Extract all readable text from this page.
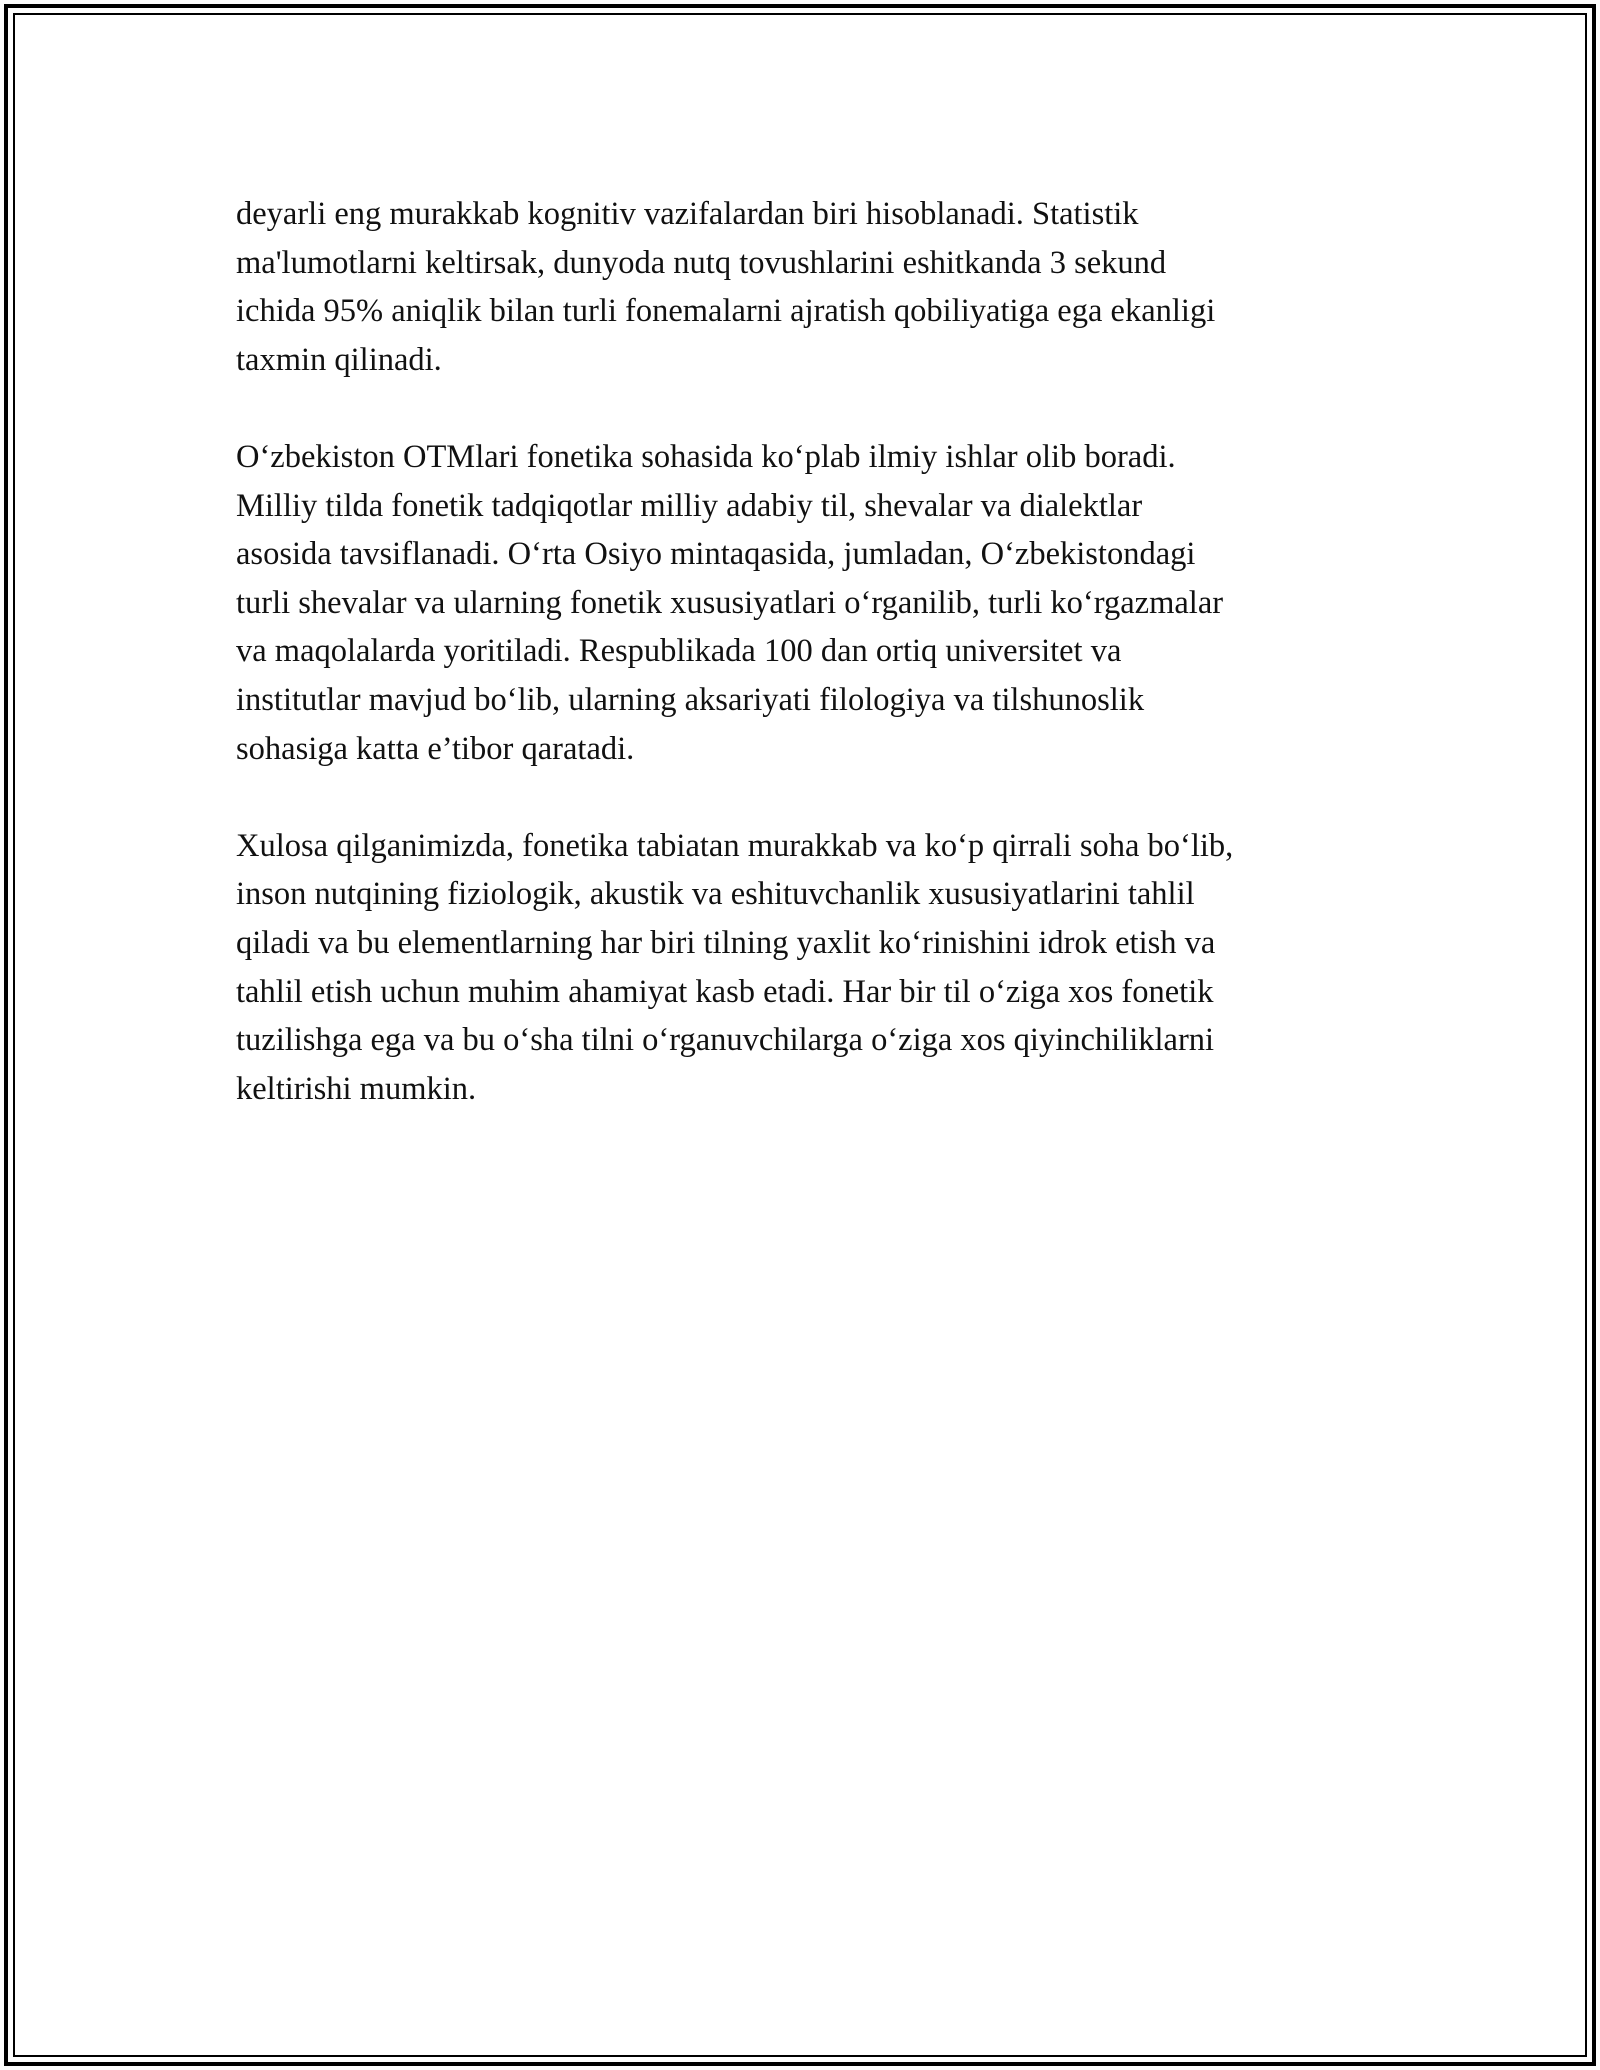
deyarli eng murakkab kognitiv vazifalardan biri hisoblanadi. Statistik
ma'lumotlarni keltirsak, dunyoda nutq tovushlarini eshitkanda 3 sekund
ichida 95% aniqlik bilan turli fonemalarni ajratish qobiliyatiga ega ekanligi
taxmin qilinadi.

O‘zbekiston OTMlari fonetika sohasida ko‘plab ilmiy ishlar olib boradi.
Milliy tilda fonetik tadqiqotlar milliy adabiy til, shevalar va dialektlar
asosida tavsiflanadi. O‘rta Osiyo mintaqasida, jumladan, O‘zbekistondagi
turli shevalar va ularning fonetik xususiyatlari o‘rganilib, turli ko‘rgazmalar
va maqolalarda yoritiladi. Respublikada 100 dan ortiq universitet va
institutlar mavjud bo‘lib, ularning aksariyati filologiya va tilshunoslik
sohasiga katta e’tibor qaratadi.

Xulosa qilganimizda, fonetika tabiatan murakkab va ko‘p qirrali soha bo‘lib,
inson nutqining fiziologik, akustik va eshituvchanlik xususiyatlarini tahlil
qiladi va bu elementlarning har biri tilning yaxlit ko‘rinishini idrok etish va
tahlil etish uchun muhim ahamiyat kasb etadi. Har bir til o‘ziga xos fonetik
tuzilishga ega va bu o‘sha tilni o‘rganuvchilarga o‘ziga xos qiyinchiliklarni
keltirishi mumkin.
